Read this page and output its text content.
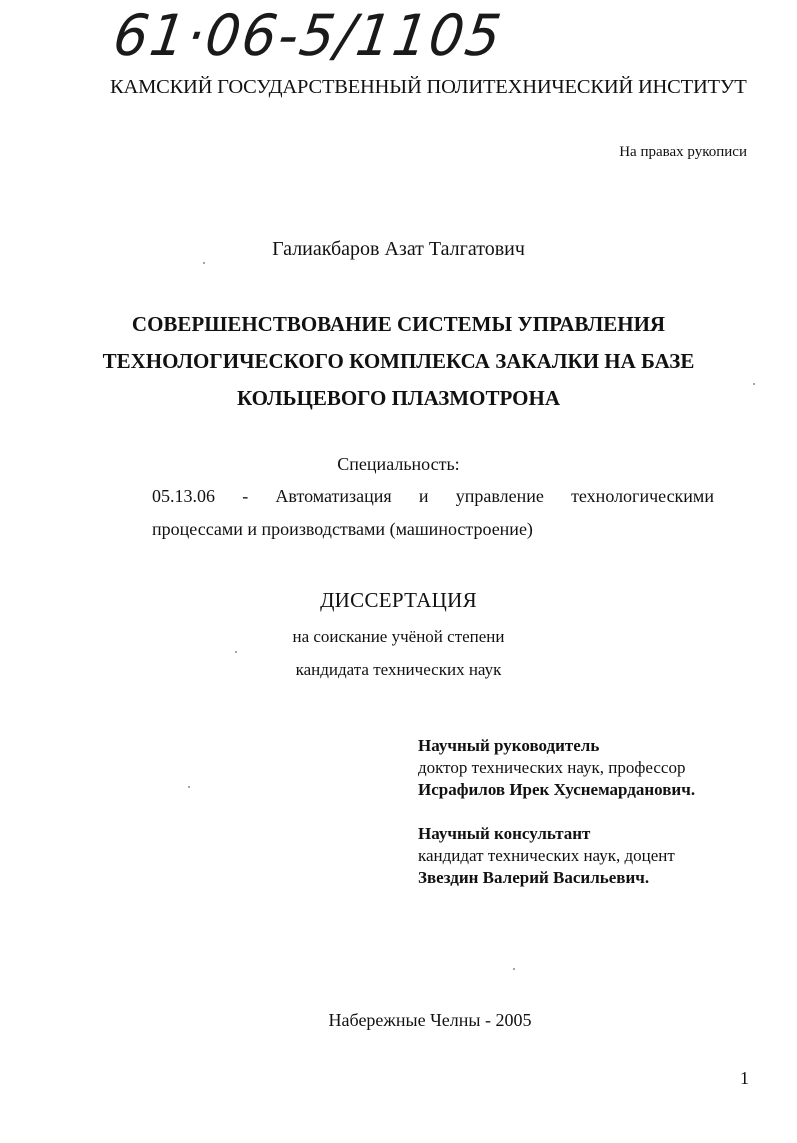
61·06-5/1105
КАМСКИЙ ГОСУДАРСТВЕННЫЙ ПОЛИТЕХНИЧЕСКИЙ ИНСТИТУТ
На правах рукописи
Галиакбаров Азат Талгатович
СОВЕРШЕНСТВОВАНИЕ СИСТЕМЫ УПРАВЛЕНИЯ
ТЕХНОЛОГИЧЕСКОГО КОМПЛЕКСА ЗАКАЛКИ НА БАЗЕ
КОЛЬЦЕВОГО ПЛАЗМОТРОНА
Специальность:
05.13.06 - Автоматизация и управление технологическими
процессами и производствами (машиностроение)
ДИССЕРТАЦИЯ
на соискание учёной степени
кандидата технических наук
Научный руководитель
доктор технических наук, профессор
Исрафилов Ирек Хуснемарданович.
Научный консультант
кандидат технических наук, доцент
Звездин Валерий Васильевич.
Набережные Челны - 2005
1
